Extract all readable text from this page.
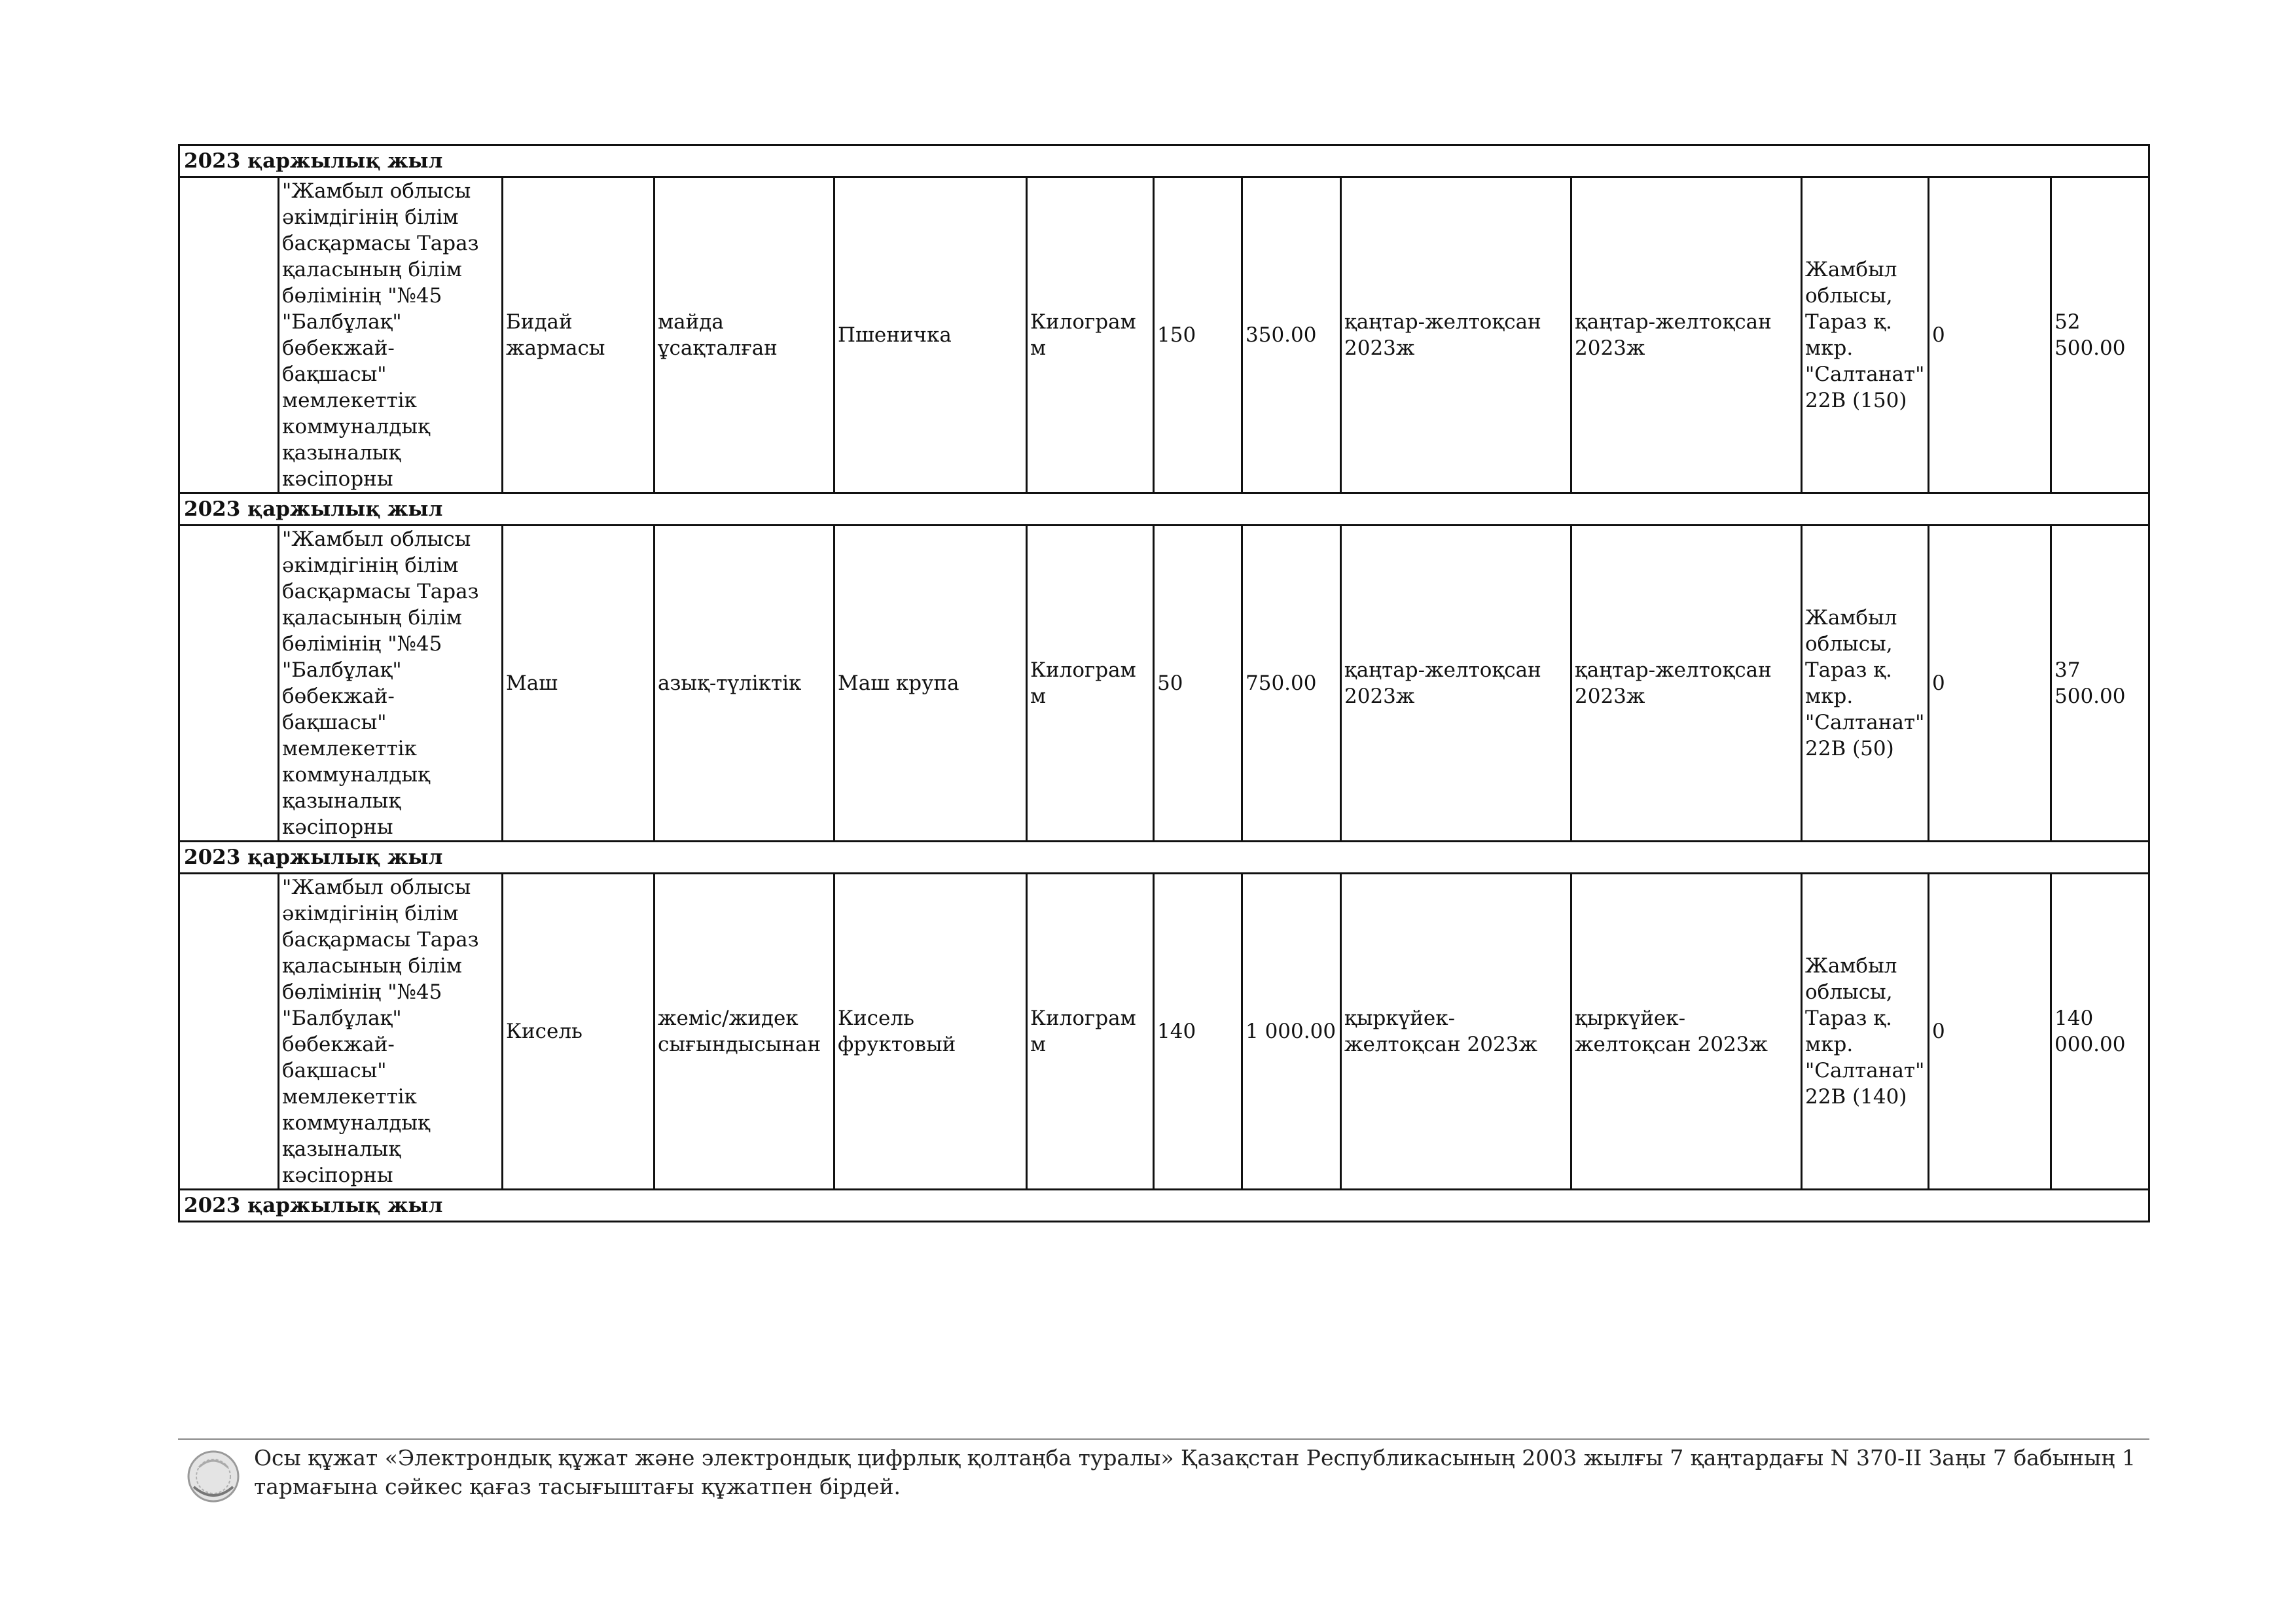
2023 қаржылық жыл												
	"Жамбыл облысы әкімдігінің білім басқармасы Тараз қаласының білім бөлімінің "№45 "Балбұлақ" бөбекжай-бақшасы" мемлекеттік коммуналдық қазыналық кәсіпорны	Бидай жармасы	майда ұсақталған	Пшеничка	Килограмм	150	350.00	қаңтар-желтоқсан 2023ж	қаңтар-желтоқсан 2023ж	Жамбыл облысы, Тараз қ. мкр. "Салтанат" 22В (150)	0	52 500.00
2023 қаржылық жыл												
	"Жамбыл облысы әкімдігінің білім басқармасы Тараз қаласының білім бөлімінің "№45 "Балбұлақ" бөбекжай-бақшасы" мемлекеттік коммуналдық қазыналық кәсіпорны	Маш	азық-түліктік	Маш крупа	Килограмм	50	750.00	қаңтар-желтоқсан 2023ж	қаңтар-желтоқсан 2023ж	Жамбыл облысы, Тараз қ. мкр. "Салтанат" 22В (50)	0	37 500.00
2023 қаржылық жыл												
	"Жамбыл облысы әкімдігінің білім басқармасы Тараз қаласының білім бөлімінің "№45 "Балбұлақ" бөбекжай-бақшасы" мемлекеттік коммуналдық қазыналық кәсіпорны	Кисель	жеміс/жидек сығындысынан	Кисель фруктовый	Килограмм	140	1 000.00	қыркүйек-желтоқсан 2023ж	қыркүйек-желтоқсан 2023ж	Жамбыл облысы, Тараз қ. мкр. "Салтанат" 22В (140)	0	140 000.00
2023 қаржылық жыл												
Осы құжат «Электрондық құжат және электрондық цифрлық қолтаңба туралы» Қазақстан Республикасының 2003 жылғы 7 қаңтардағы N 370-II Заңы 7 бабының 1 тармағына сәйкес қағаз тасығыштағы құжатпен бірдей.
